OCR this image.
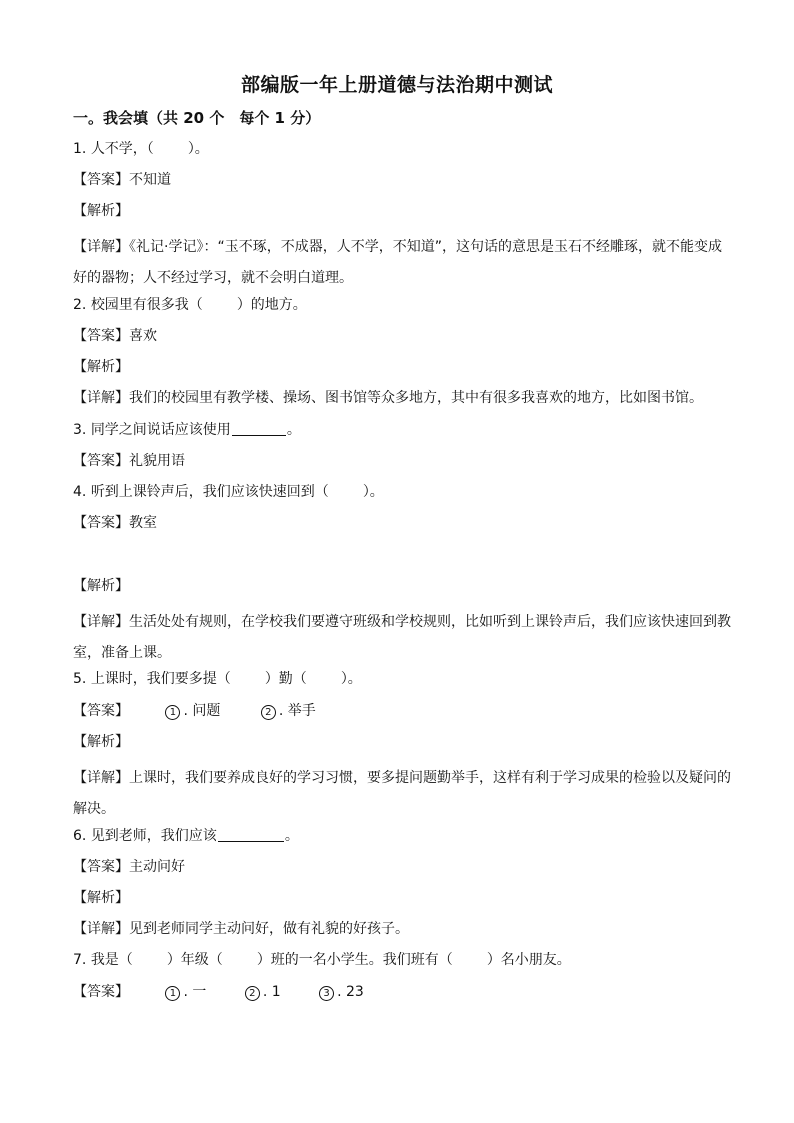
部编版一年上册道德与法治期中测试
一。我会填（共 20 个　每个 1 分）
1. 人不学，（ ）。
【答案】不知道
【解析】
【详解】《礼记·学记》：“玉不琢，不成器，人不学，不知道”，这句话的意思是玉石不经雕琢，就不能变成好的器物；人不经过学习，就不会明白道理。
2. 校园里有很多我（ ）的地方。
【答案】喜欢
【解析】
【详解】我们的校园里有教学楼、操场、图书馆等众多地方，其中有很多我喜欢的地方，比如图书馆。
3. 同学之间说话应该使用	。
【答案】礼貌用语
4. 听到上课铃声后，我们应该快速回到（ ）。
【答案】教室
【解析】
【详解】生活处处有规则，在学校我们要遵守班级和学校规则，比如听到上课铃声后，我们应该快速回到教室，准备上课。
5. 上课时，我们要多提（ ）勤（ ）。
【答案】	1 . 问题	2 . 举手
【解析】
【详解】上课时，我们要养成良好的学习习惯，要多提问题勤举手，这样有利于学习成果的检验以及疑问的解决。
6. 见到老师，我们应该	。
【答案】主动问好
【解析】
【详解】见到老师同学主动问好，做有礼貌的好孩子。
7. 我是（ ）年级（ ）班的一名小学生。我们班有（ ）名小朋友。
【答案】	1 . 一	2 . 1	3 . 23
